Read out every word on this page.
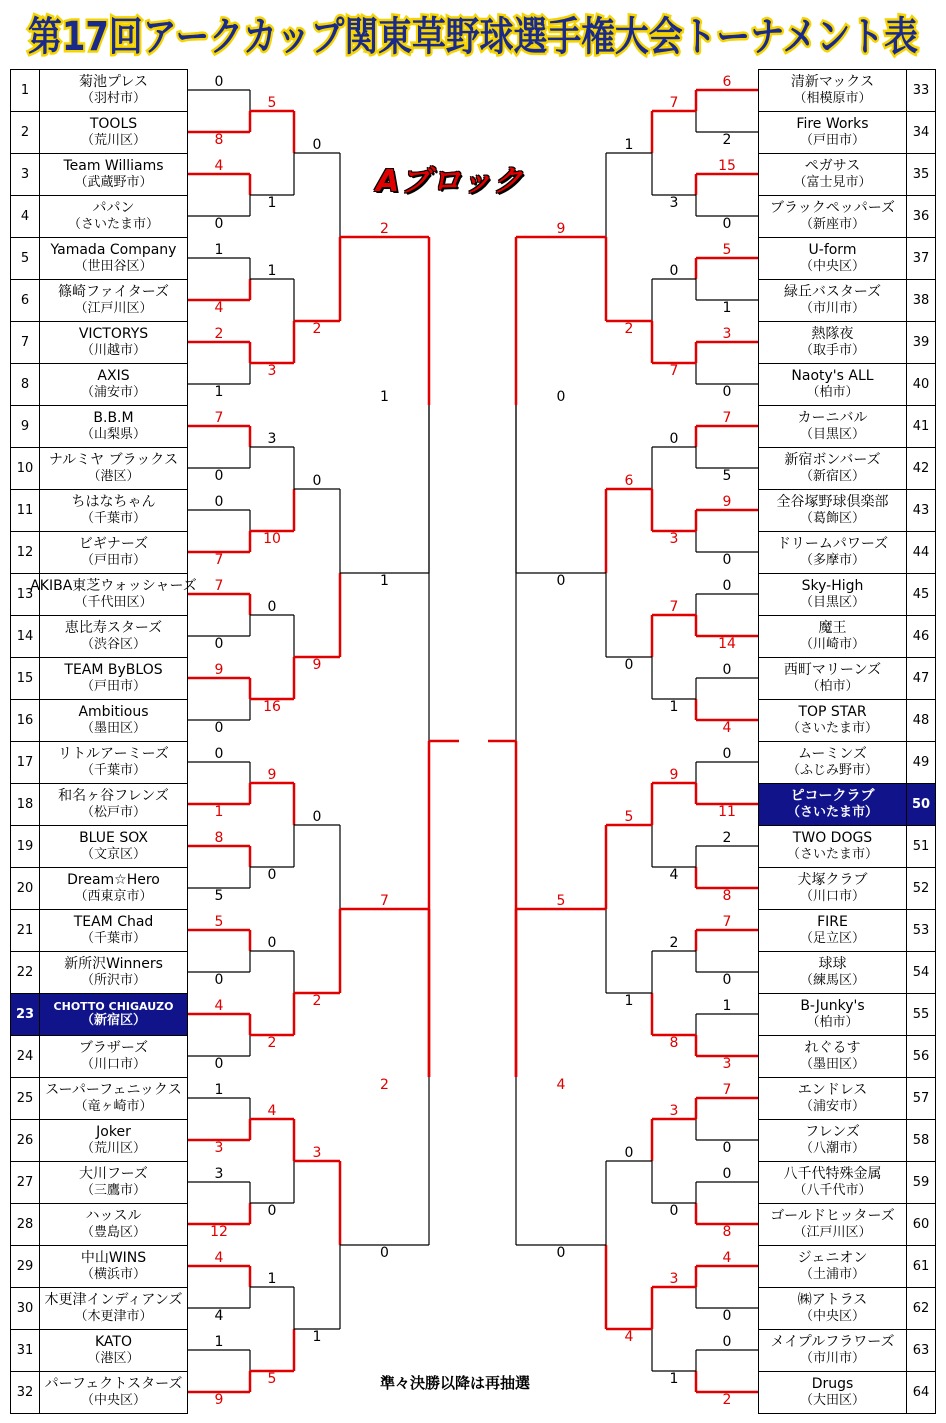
第17回アークカップ関東草野球選手権大会トーナメント表
1
菊池プレス
（羽村市）
2
TOOLS
（荒川区）
3
Team Williams
（武蔵野市）
4
パパン
（さいたま市）
5
Yamada Company
（世田谷区）
6
篠崎ファイターズ
（江戸川区）
7
VICTORYS
（川越市）
8
AXIS
（浦安市）
9
B.B.M
（山梨県）
10
ナルミヤ ブラックス
（港区）
11
ちはなちゃん
（千葉市）
12
ビギナーズ
（戸田市）
13
AKIBA東芝ウォッシャーズ
（千代田区）
14
恵比寿スターズ
（渋谷区）
15
TEAM ByBLOS
（戸田市）
16
Ambitious
（墨田区）
17
リトルアーミーズ
（千葉市）
18
和名ヶ谷フレンズ
（松戸市）
19
BLUE SOX
（文京区）
20
Dream☆Hero
（西東京市）
21
TEAM Chad
（千葉市）
22
新所沢Winners
（所沢市）
23
CHOTTO CHIGAUZO
（新宿区）
24
ブラザーズ
（川口市）
25
スーパーフェニックス
（竜ヶ崎市）
26
Joker
（荒川区）
27
大川フーズ
（三鷹市）
28
ハッスル
（豊島区）
29
中山WINS
（横浜市）
30
木更津インディアンズ
（木更津市）
31
KATO
（港区）
32
パーフェクトスターズ
（中央区）
33
清新マックス
（相模原市）
34
Fire Works
（戸田市）
35
ペガサス
（富士見市）
36
ブラックペッパーズ
（新座市）
37
U-form
（中央区）
38
緑丘バスターズ
（市川市）
39
熱隊夜
（取手市）
40
Naoty's ALL
（柏市）
41
カーニバル
（目黒区）
42
新宿ボンバーズ
（新宿区）
43
全谷塚野球倶楽部
（葛飾区）
44
ドリームパワーズ
（多摩市）
45
Sky-High
（目黒区）
46
魔王
（川崎市）
47
西町マリーンズ
（柏市）
48
TOP STAR
（さいたま市）
49
ムーミンズ
（ふじみ野市）
50
ピコークラブ
（さいたま市）
51
TWO DOGS
（さいたま市）
52
犬塚クラブ
（川口市）
53
FIRE
（足立区）
54
球球
（練馬区）
55
B-Junky's
（柏市）
56
れぐるす
（墨田区）
57
エンドレス
（浦安市）
58
フレンズ
（八潮市）
59
八千代特殊金属
（八千代市）
60
ゴールドヒッターズ
（江戸川区）
61
ジェニオン
（土浦市）
62
㈱アトラス
（中央区）
63
メイプルフラワーズ
（市川市）
64
Drugs
（大田区）
0
8
4
0
1
4
2
1
7
0
0
7
7
0
9
0
0
1
8
5
5
0
4
0
1
3
3
12
4
4
1
9
5
1
1
3
3
10
0
16
9
0
0
2
4
0
1
5
0
2
0
9
0
2
3
1
2
1
7
0
1
2
6
2
15
0
5
1
3
0
7
5
9
0
0
14
0
4
0
11
2
8
7
0
1
3
7
0
0
8
4
0
0
2
7
3
0
7
0
3
7
1
9
4
2
8
3
0
3
1
1
2
6
0
5
1
0
4
9
0
5
0
0
4
Aブロック
準々決勝以降は再抽選
